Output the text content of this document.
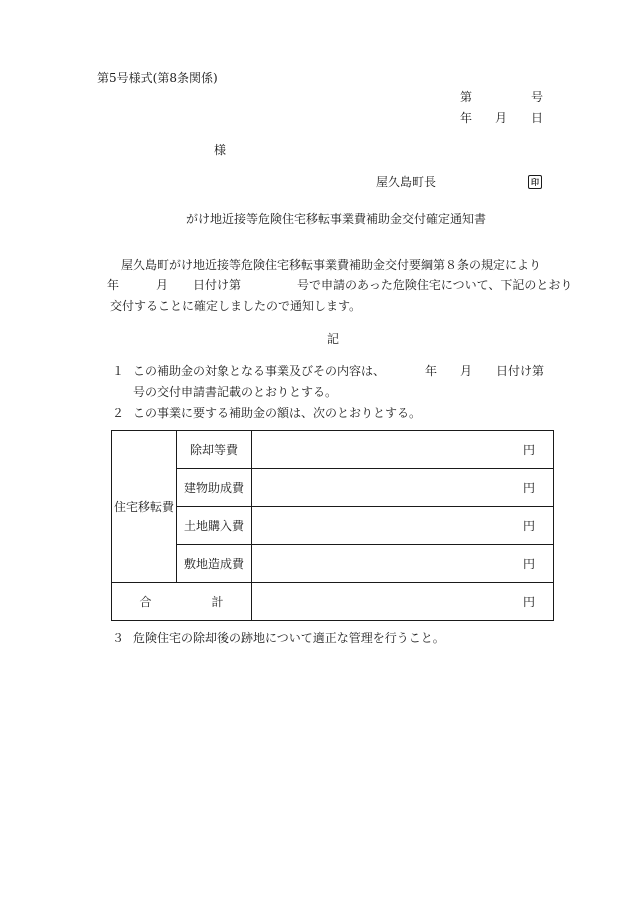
第5号様式(第8条関係)
第	号
年 月 日
様
屋久島町長	印
がけ地近接等危険住宅移転事業費補助金交付確定通知書
屋久島町がけ地近接等危険住宅移転事業費補助金交付要綱第８条の規定により
年	月 日付け第	号で申請のあった危険住宅について、下記のとおり
交付することに確定しましたので通知します。
記
１ この補助金の対象となる事業及びその内容は、	年 月 日付け第
号の交付申請書記載のとおりとする。
２ この事業に要する補助金の額は、次のとおりとする。
住宅移転費	除却等費	円
	建物助成費	円
	土地購入費	円
	敷地造成費	円
合 計		円
３ 危険住宅の除却後の跡地について適正な管理を行うこと。
